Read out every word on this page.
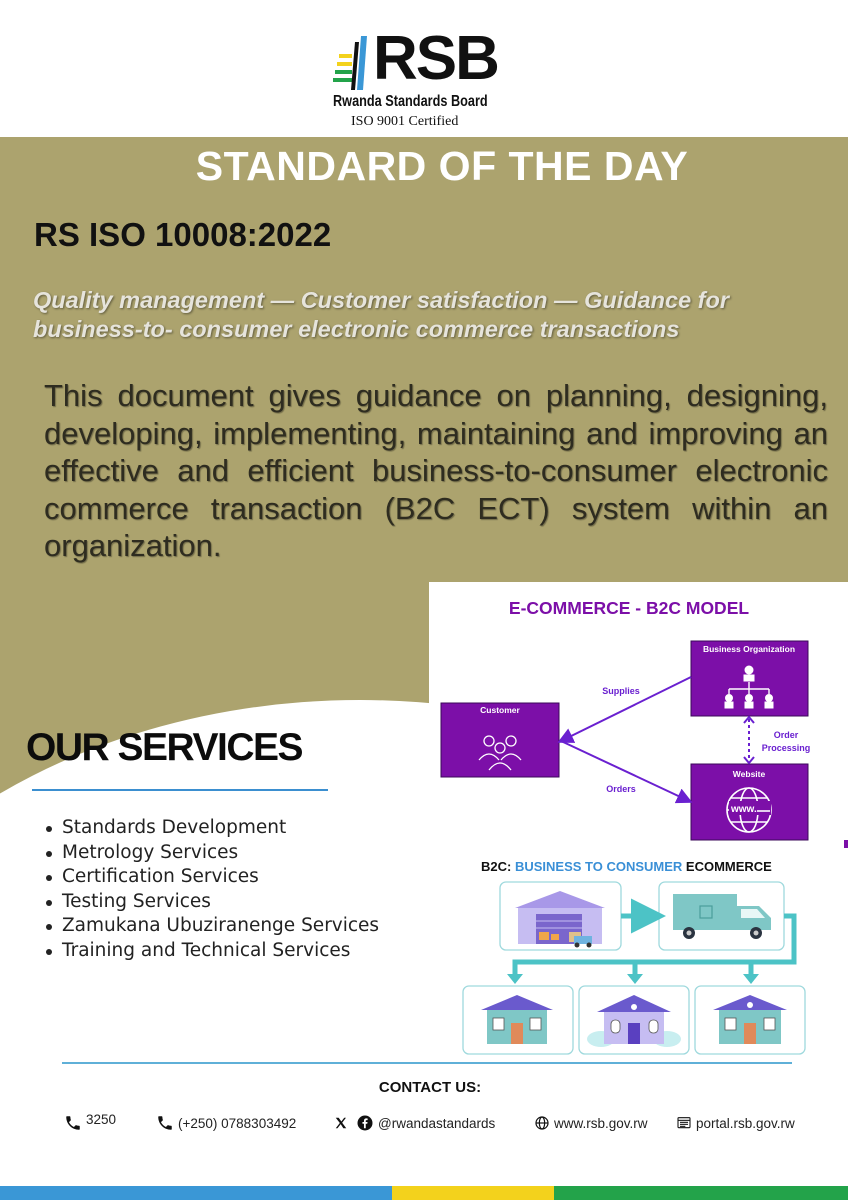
RSB
Rwanda Standards Board
ISO 9001 Certified
STANDARD OF THE DAY
RS ISO 10008:2022
Quality management — Customer satisfaction — Guidance for business-to- consumer electronic commerce transactions
This document gives guidance on planning, designing, developing, implementing, maintaining and improving an effective and efficient business-to-consumer electronic commerce transaction (B2C ECT) system within an organization.
OUR SERVICES
Standards Development
Metrology Services
Certification Services
Testing Services
Zamukana Ubuziranenge Services
Training and Technical Services
E-COMMERCE - B2C MODEL
Customer
Business Organization
Website
www.
Supplies
Orders
Order
Processing
B2C: BUSINESS TO CONSUMER ECOMMERCE
CONTACT US:
3250	(+250) 0788303492	@rwandastandards	www.rsb.gov.rw	portal.rsb.gov.rw
